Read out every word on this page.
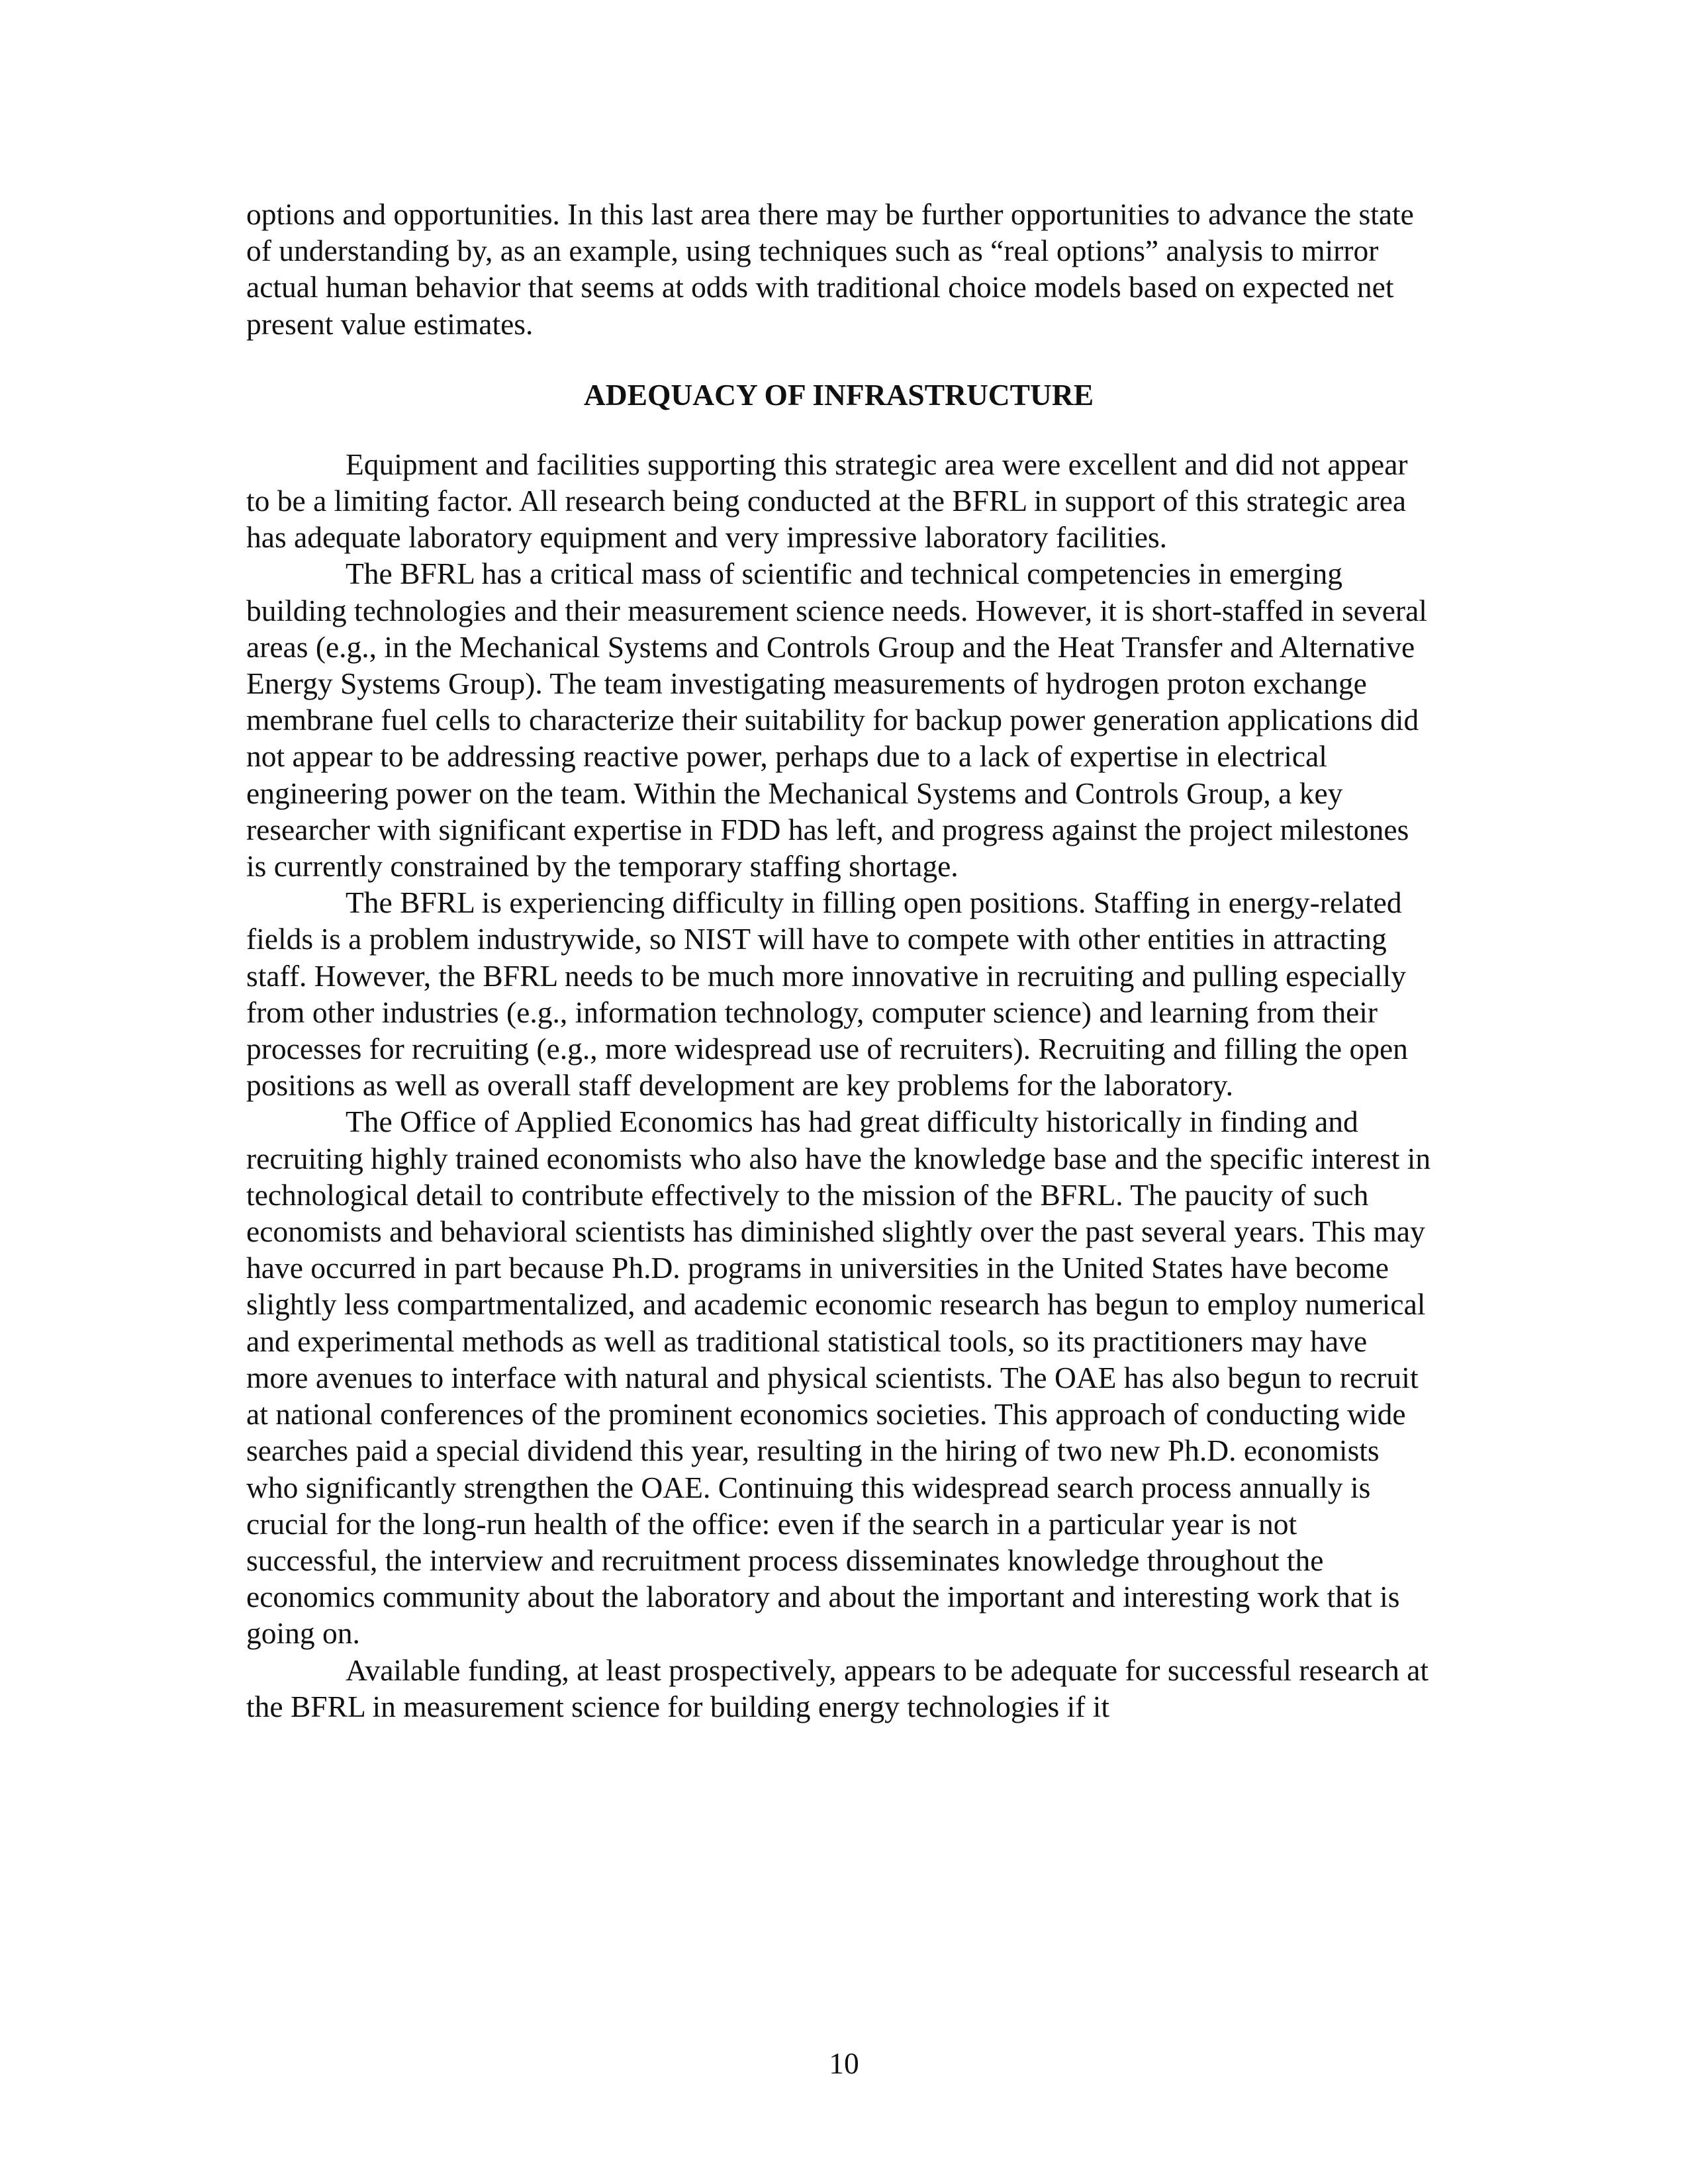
options and opportunities. In this last area there may be further opportunities to advance the state of understanding by, as an example, using techniques such as “real options” analysis to mirror actual human behavior that seems at odds with traditional choice models based on expected net present value estimates.

ADEQUACY OF INFRASTRUCTURE

Equipment and facilities supporting this strategic area were excellent and did not appear to be a limiting factor. All research being conducted at the BFRL in support of this strategic area has adequate laboratory equipment and very impressive laboratory facilities.

The BFRL has a critical mass of scientific and technical competencies in emerging building technologies and their measurement science needs. However, it is short-staffed in several areas (e.g., in the Mechanical Systems and Controls Group and the Heat Transfer and Alternative Energy Systems Group). The team investigating measurements of hydrogen proton exchange membrane fuel cells to characterize their suitability for backup power generation applications did not appear to be addressing reactive power, perhaps due to a lack of expertise in electrical engineering power on the team. Within the Mechanical Systems and Controls Group, a key researcher with significant expertise in FDD has left, and progress against the project milestones is currently constrained by the temporary staffing shortage.

The BFRL is experiencing difficulty in filling open positions. Staffing in energy-related fields is a problem industrywide, so NIST will have to compete with other entities in attracting staff. However, the BFRL needs to be much more innovative in recruiting and pulling especially from other industries (e.g., information technology, computer science) and learning from their processes for recruiting (e.g., more widespread use of recruiters). Recruiting and filling the open positions as well as overall staff development are key problems for the laboratory.

The Office of Applied Economics has had great difficulty historically in finding and recruiting highly trained economists who also have the knowledge base and the specific interest in technological detail to contribute effectively to the mission of the BFRL. The paucity of such economists and behavioral scientists has diminished slightly over the past several years. This may have occurred in part because Ph.D. programs in universities in the United States have become slightly less compartmentalized, and academic economic research has begun to employ numerical and experimental methods as well as traditional statistical tools, so its practitioners may have more avenues to interface with natural and physical scientists. The OAE has also begun to recruit at national conferences of the prominent economics societies. This approach of conducting wide searches paid a special dividend this year, resulting in the hiring of two new Ph.D. economists who significantly strengthen the OAE. Continuing this widespread search process annually is crucial for the long-run health of the office: even if the search in a particular year is not successful, the interview and recruitment process disseminates knowledge throughout the economics community about the laboratory and about the important and interesting work that is going on.

Available funding, at least prospectively, appears to be adequate for successful research at the BFRL in measurement science for building energy technologies if it

10
